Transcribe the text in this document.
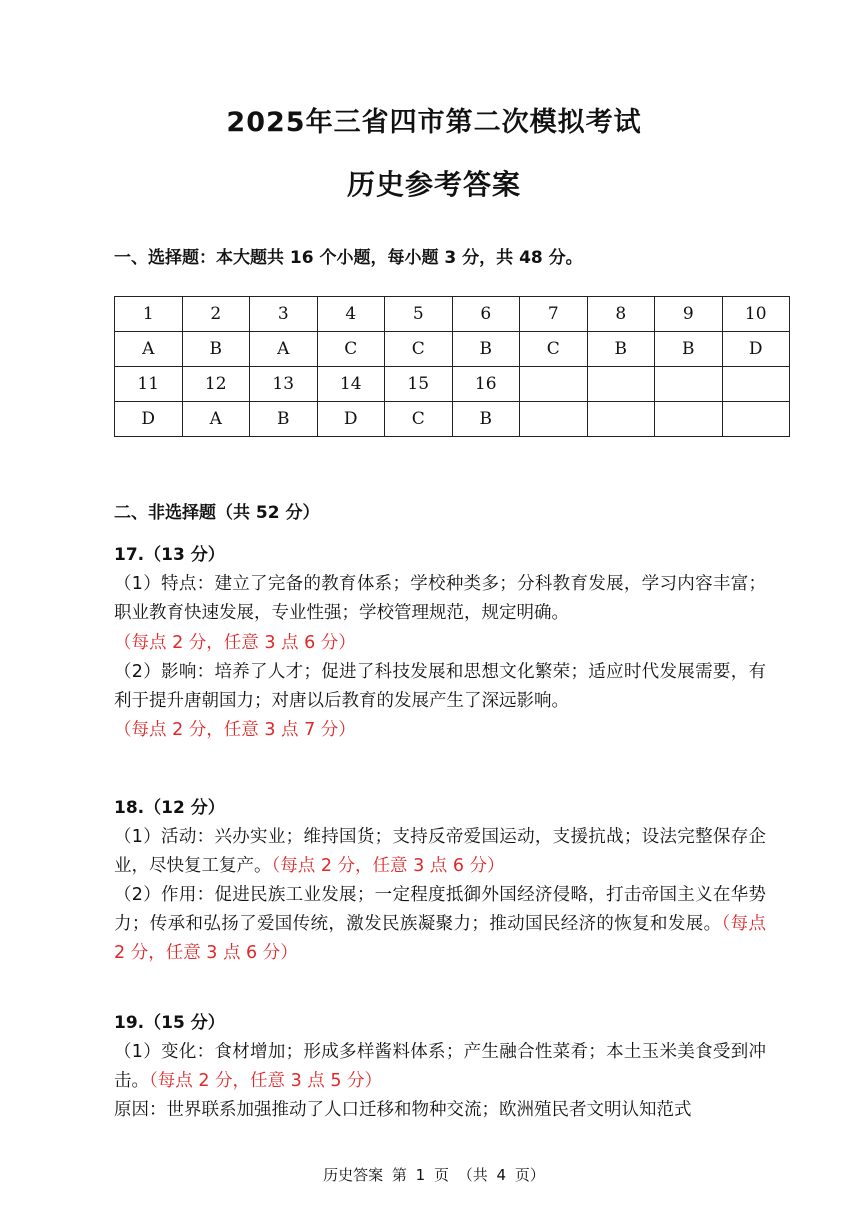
2025年三省四市第二次模拟考试
历史参考答案
一、选择题：本大题共 16 个小题，每小题 3 分，共 48 分。
1	2	3	4	5	6	7	8	9	10
A	B	A	C	C	B	C	B	B	D
11	12	13	14	15	16				
D	A	B	D	C	B				
二、非选择题（共 52 分）
17.（13 分）
（1）特点：建立了完备的教育体系；学校种类多；分科教育发展，学习内容丰富；职业教育快速发展，专业性强；学校管理规范，规定明确。
（每点 2 分，任意 3 点 6 分）
（2）影响：培养了人才；促进了科技发展和思想文化繁荣；适应时代发展需要，有利于提升唐朝国力；对唐以后教育的发展产生了深远影响。
（每点 2 分，任意 3 点 7 分）
18.（12 分）
（1）活动：兴办实业；维持国货；支持反帝爱国运动，支援抗战；设法完整保存企业，尽快复工复产。（每点 2 分，任意 3 点 6 分）
（2）作用：促进民族工业发展；一定程度抵御外国经济侵略，打击帝国主义在华势力；传承和弘扬了爱国传统，激发民族凝聚力；推动国民经济的恢复和发展。（每点 2 分，任意 3 点 6 分）
19.（15 分）
（1）变化：食材增加；形成多样酱料体系；产生融合性菜肴；本土玉米美食受到冲击。（每点 2 分，任意 3 点 5 分）
原因：世界联系加强推动了人口迁移和物种交流；欧洲殖民者文明认知范式
历史答案 第 1 页 （共 4 页）
